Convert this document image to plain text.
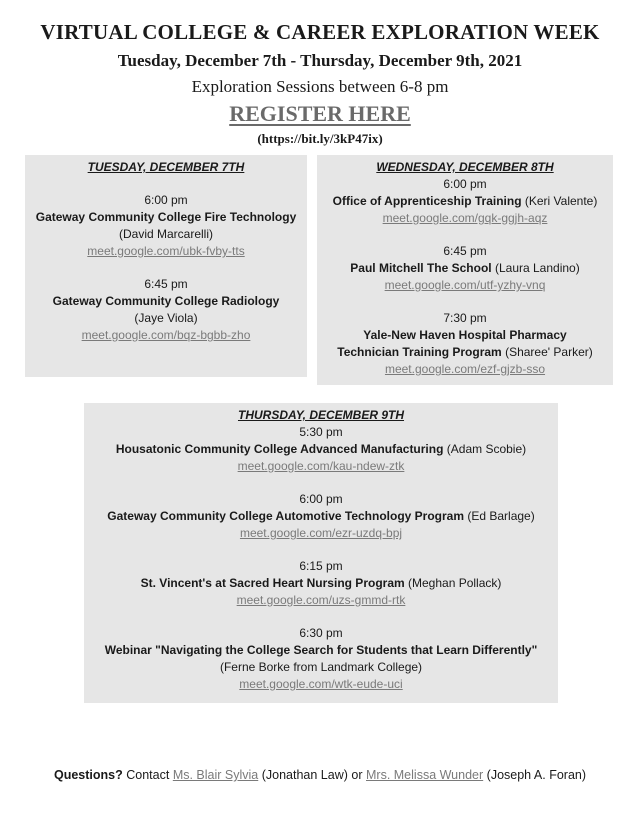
VIRTUAL COLLEGE & CAREER EXPLORATION WEEK
Tuesday, December 7th - Thursday, December 9th, 2021
Exploration Sessions between 6-8 pm
REGISTER HERE
(https://bit.ly/3kP47ix)
TUESDAY, DECEMBER 7TH
6:00 pm
Gateway Community College Fire Technology
(David Marcarelli)
meet.google.com/ubk-fvby-tts
6:45 pm
Gateway Community College Radiology
(Jaye Viola)
meet.google.com/bqz-bgbb-zho
WEDNESDAY, DECEMBER 8TH
6:00 pm
Office of Apprenticeship Training (Keri Valente)
meet.google.com/gqk-ggjh-aqz
6:45 pm
Paul Mitchell The School (Laura Landino)
meet.google.com/utf-yzhy-vnq
7:30 pm
Yale-New Haven Hospital Pharmacy Technician Training Program (Sharee' Parker)
meet.google.com/ezf-gjzb-sso
THURSDAY, DECEMBER 9TH
5:30 pm
Housatonic Community College Advanced Manufacturing (Adam Scobie)
meet.google.com/kau-ndew-ztk
6:00 pm
Gateway Community College Automotive Technology Program (Ed Barlage)
meet.google.com/ezr-uzdq-bpj
6:15 pm
St. Vincent's at Sacred Heart Nursing Program (Meghan Pollack)
meet.google.com/uzs-gmmd-rtk
6:30 pm
Webinar "Navigating the College Search for Students that Learn Differently"
(Ferne Borke from Landmark College)
meet.google.com/wtk-eude-uci
Questions? Contact Ms. Blair Sylvia (Jonathan Law) or Mrs. Melissa Wunder (Joseph A. Foran)
